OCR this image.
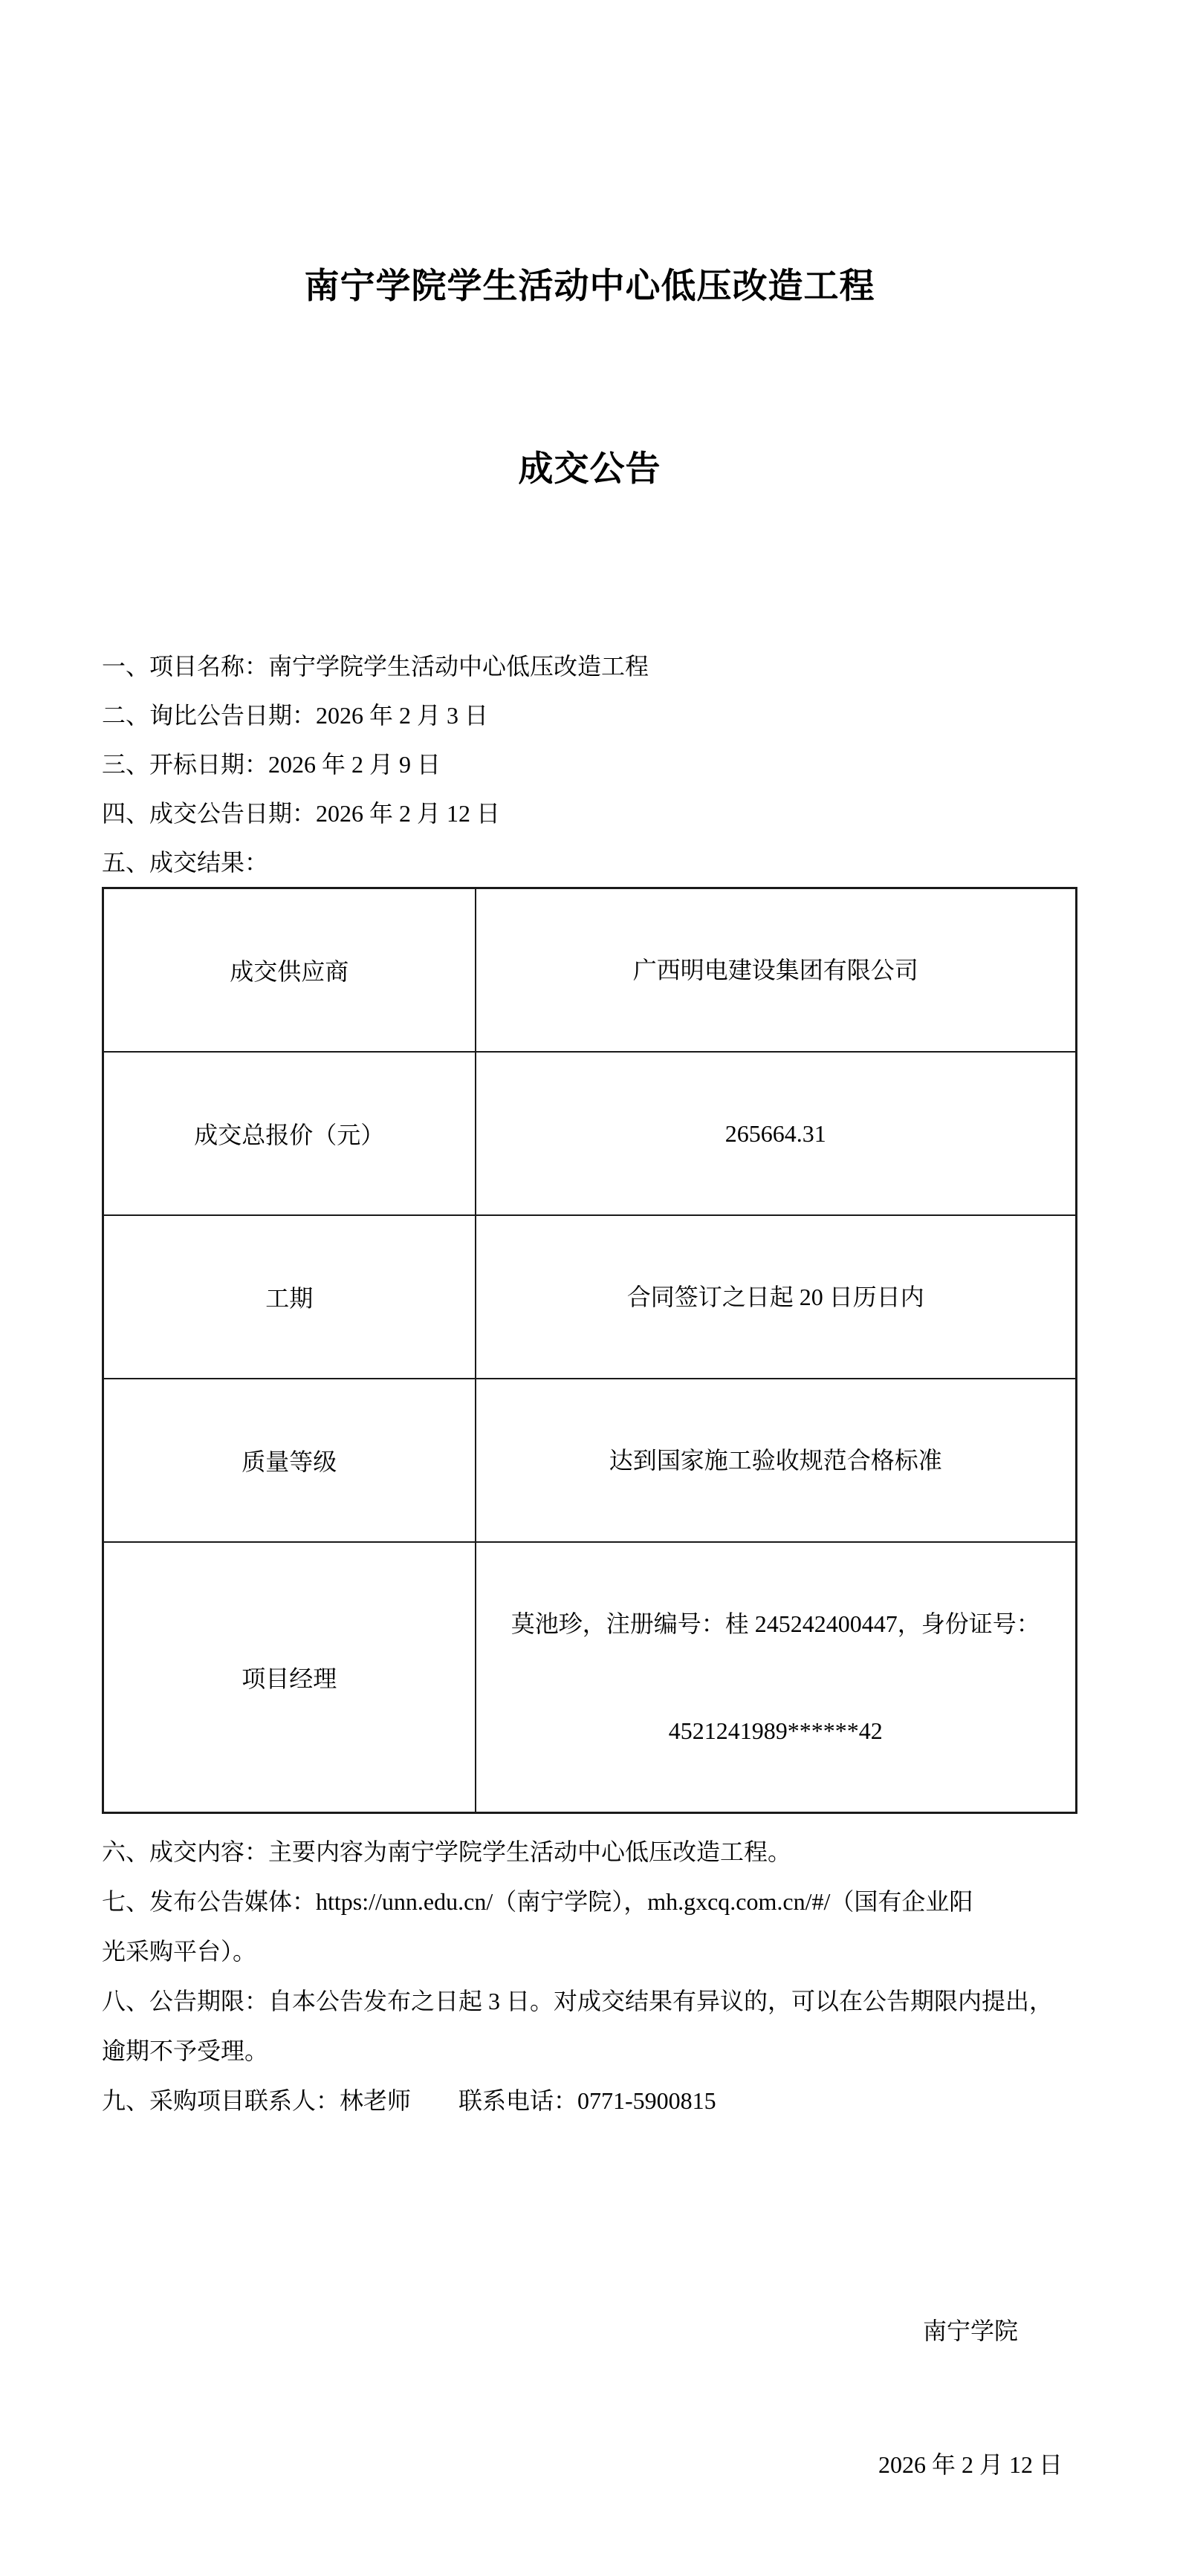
南宁学院学生活动中心低压改造工程

成交公告

一、项目名称：南宁学院学生活动中心低压改造工程
二、询比公告日期：2026 年 2 月 3 日
三、开标日期：2026 年 2 月 9 日
四、成交公告日期：2026 年 2 月 12 日
五、成交结果：
成交供应商	广西明电建设集团有限公司

成交总报价（元）	265664.31

工期	合同签订之日起 20 日历日内

质量等级	达到国家施工验收规范合格标准

项目经理	莫池珍，注册编号：桂 245242400447，身份证号：

4521241989******42

六、成交内容：主要内容为南宁学院学生活动中心低压改造工程。
七、发布公告媒体：https://unn.edu.cn/（南宁学院），mh.gxcq.com.cn/#/（国有企业阳
光采购平台）。
八、公告期限：自本公告发布之日起 3 日。对成交结果有异议的，可以在公告期限内提出，
逾期不予受理。
九、采购项目联系人：林老师　　联系电话：0771-5900815

南宁学院

2026 年 2 月 12 日
